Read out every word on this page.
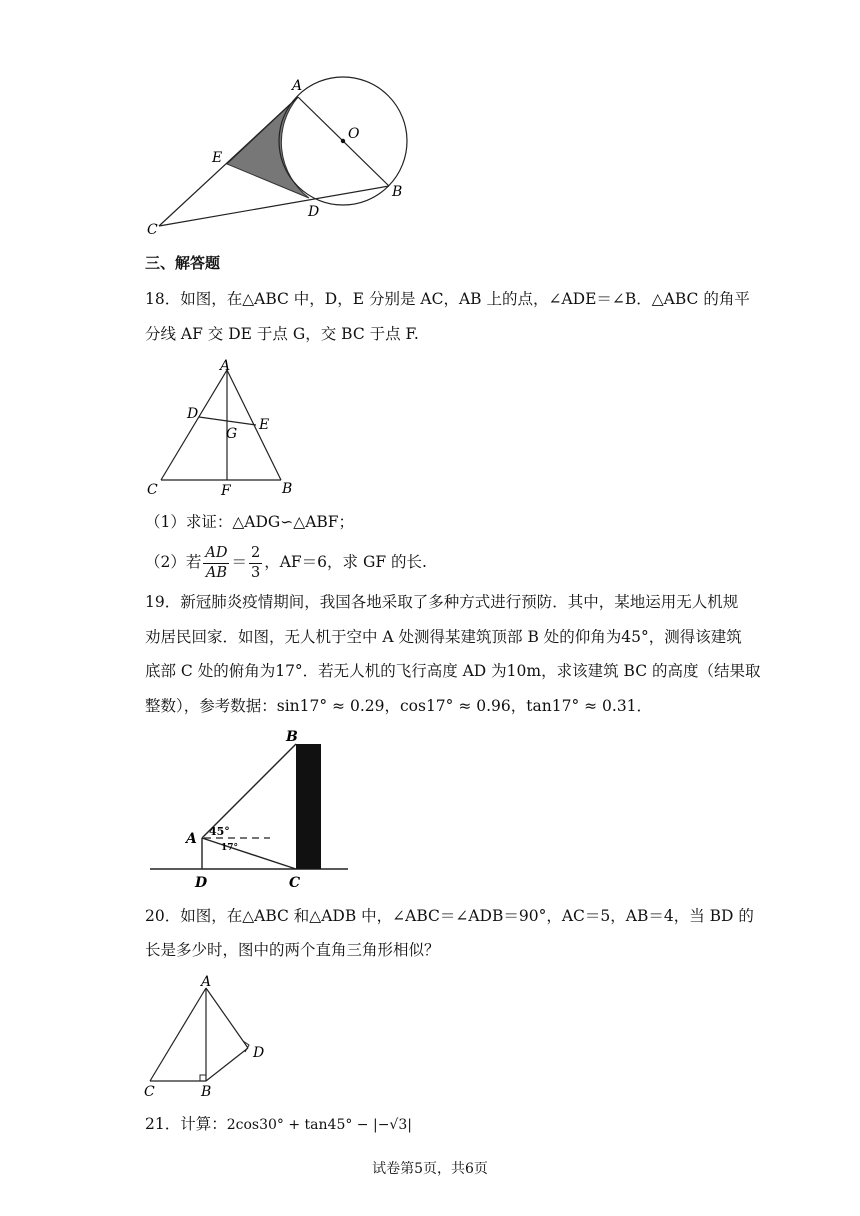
A
O
E
B
D
C
三、解答题
18．如图，在△ABC 中，D，E 分别是 AC，AB 上的点，∠ADE＝∠B．△ABC 的角平
分线 AF 交 DE 于点 G，交 BC 于点 F.
A
D
E
G
C	F	B
（1）求证：△ADG∽△ABF；
（2）若 $\frac{AD}{AB} = \frac{2}{3}$ ，AF＝6，求 GF 的长.
19．新冠肺炎疫情期间，我国各地采取了多种方式进行预防．其中，某地运用无人机规
劝居民回家．如图，无人机于空中 A 处测得某建筑顶部 B 处的仰角为45°，测得该建筑
底部 C 处的俯角为17°．若无人机的飞行高度 AD 为10m，求该建筑 BC 的高度（结果取
整数），参考数据：sin17° ≈ 0.29，cos17° ≈ 0.96，tan17° ≈ 0.31．
45°
17°
B
A
D	C
20．如图，在△ABC 和△ADB 中，∠ABC＝∠ADB＝90°，AC＝5，AB＝4，当 BD 的
长是多少时，图中的两个直角三角形相似？
A
D
C	B
21．计算：2cos30° + tan45° − |−√3|
试卷第5页，共6页
